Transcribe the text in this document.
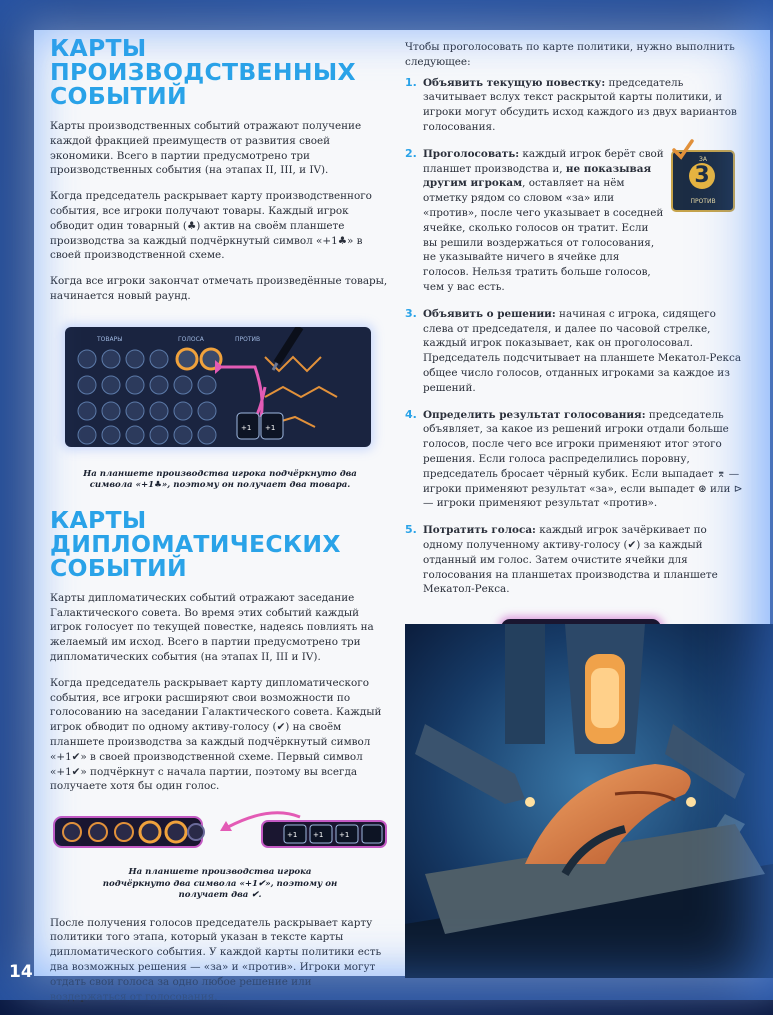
КАРТЫ ПРОИЗВОДСТВЕННЫХ
СОБЫТИЙ

Карты производственных событий отражают получение каждой фракцией преимуществ от развития своей экономики. Всего в партии предусмотрено три производственных события (на этапах II, III, и IV).

Когда председатель раскрывает карту производственного события, все игроки получают товары. Каждый игрок обводит один товарный (♣) актив на своём планшете производства за каждый подчёркнутый символ «+1♣» в своей производственной схеме.

Когда все игроки закончат отмечать произведённые товары, начинается новый раунд.

ТОВАРЫ	ГОЛОСА	ПРОТИВ
+1 +1
На планшете производства игрока подчёркнуто два символа «+1♣», поэтому он получает два товара.
КАРТЫ ДИПЛОМАТИЧЕСКИХ
СОБЫТИЙ

Карты дипломатических событий отражают заседание Галактического совета. Во время этих событий каждый игрок голосует по текущей повестке, надеясь повлиять на желаемый им исход. Всего в партии предусмотрено три дипломатических события (на этапах II, III и IV).

Когда председатель раскрывает карту дипломатического события, все игроки расширяют свои возможности по голосованию на заседании Галактического совета. Каждый игрок обводит по одному активу-голосу (✔) на своём планшете производства за каждый подчёркнутый символ «+1✔» в своей производственной схеме. Первый символ «+1✔» подчёркнут с начала партии, поэтому вы всегда получаете хотя бы один голос.

+1 +1 +1
На планшете производства игрока подчёркнуто два символа «+1✔», поэтому он получает два ✔.

После получения голосов председатель раскрывает карту политики того этапа, который указан в тексте карты дипломатического события. У каждой карты политики есть два возможных решения — «за» и «против». Игроки могут отдать свои голоса за одно любое решение или воздержаться от голосования.

Чтобы проголосовать по карте политики, нужно выполнить следующее:

1. Объявить текущую повестку: председатель зачитывает вслух текст раскрытой карты политики, и игроки могут обсудить исход каждого из двух вариантов голосования.
2. Проголосовать: каждый игрок берёт свой планшет производства и, не показывая другим игрокам, оставляет на нём отметку рядом со словом «за» или «против», после чего указывает в соседней ячейке, сколько голосов он тратит. Если вы решили воздержаться от голосования, не указывайте ничего в ячейке для голосов. Нельзя тратить больше голосов, чем у вас есть.
3. Объявить о решении: начиная с игрока, сидящего слева от председателя, и далее по часовой стрелке, каждый игрок показывает, как он проголосовал. Председатель подсчитывает на планшете Мекатол-Рекса общее число голосов, отданных игроками за каждое из решений.
4. Определить результат голосования: председатель объявляет, за какое из решений игроки отдали больше голосов, после чего все игроки применяют итог этого решения. Если голоса распределились поровну, председатель бросает чёрный кубик. Если выпадает ⌆ — игроки применяют результат «за», если выпадет ⊛ или ⊳ — игроки применяют результат «против».
5. Потратить голоса: каждый игрок зачёркивает по одному полученному активу-голосу (✔) за каждый отданный им голос. Затем очистите ячейки для голосования на планшетах производства и планшете Мекатол-Рекса.

ЗА
3
ПРОТИВ
14
